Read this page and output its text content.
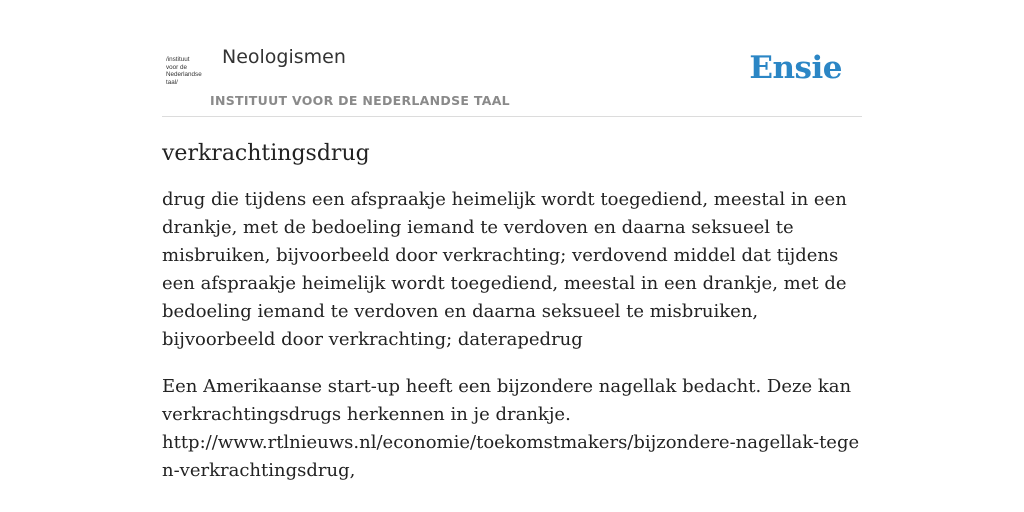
/instituut
voor de
Nederlandse
taal/
Neologismen
INSTITUUT VOOR DE NEDERLANDSE TAAL
Ensie
verkrachtingsdrug

drug die tijdens een afspraakje heimelijk wordt toegediend, meestal in een drankje, met de bedoeling iemand te verdoven en daarna seksueel te misbruiken, bijvoorbeeld door verkrachting; verdovend middel dat tijdens een afspraakje heimelijk wordt toegediend, meestal in een drankje, met de bedoeling iemand te verdoven en daarna seksueel te misbruiken, bijvoorbeeld door verkrachting; daterapedrug

Een Amerikaanse start-up heeft een bijzondere nagellak bedacht. Deze kan verkrachtingsdrugs herkennen in je drankje.
http://www.rtlnieuws.nl/economie/toekomstmakers/bijzondere-nagellak-tegen-verkrachtingsdrug,
